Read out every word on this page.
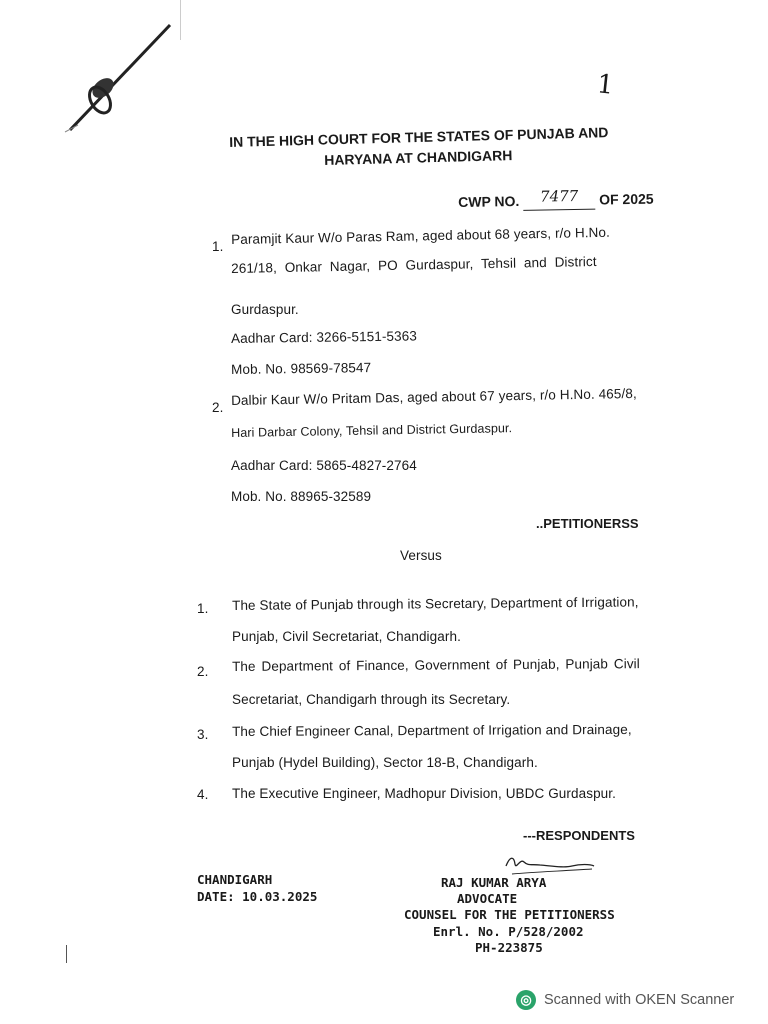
1
IN THE HIGH COURT FOR THE STATES OF PUNJAB AND
HARYANA AT CHANDIGARH
CWP NO. 7477 OF 2025
1. Paramjit Kaur W/o Paras Ram, aged about 68 years, r/o H.No.
261/18, Onkar Nagar, PO Gurdaspur, Tehsil and District
Gurdaspur.
Aadhar Card: 3266-5151-5363
Mob. No. 98569-78547
2. Dalbir Kaur W/o Pritam Das, aged about 67 years, r/o H.No. 465/8,
Hari Darbar Colony, Tehsil and District Gurdaspur.
Aadhar Card: 5865-4827-2764
Mob. No. 88965-32589
..PETITIONERSS
Versus
1. The State of Punjab through its Secretary, Department of Irrigation,
Punjab, Civil Secretariat, Chandigarh.
2. The Department of Finance, Government of Punjab, Punjab Civil
Secretariat, Chandigarh through its Secretary.
3. The Chief Engineer Canal, Department of Irrigation and Drainage,
Punjab (Hydel Building), Sector 18-B, Chandigarh.
4. The Executive Engineer, Madhopur Division, UBDC Gurdaspur.
---RESPONDENTS
CHANDIGARH
DATE: 10.03.2025
RAJ KUMAR ARYA
ADVOCATE
COUNSEL FOR THE PETITIONERSS
Enrl. No. P/528/2002
PH-223875
◎ Scanned with OKEN Scanner
